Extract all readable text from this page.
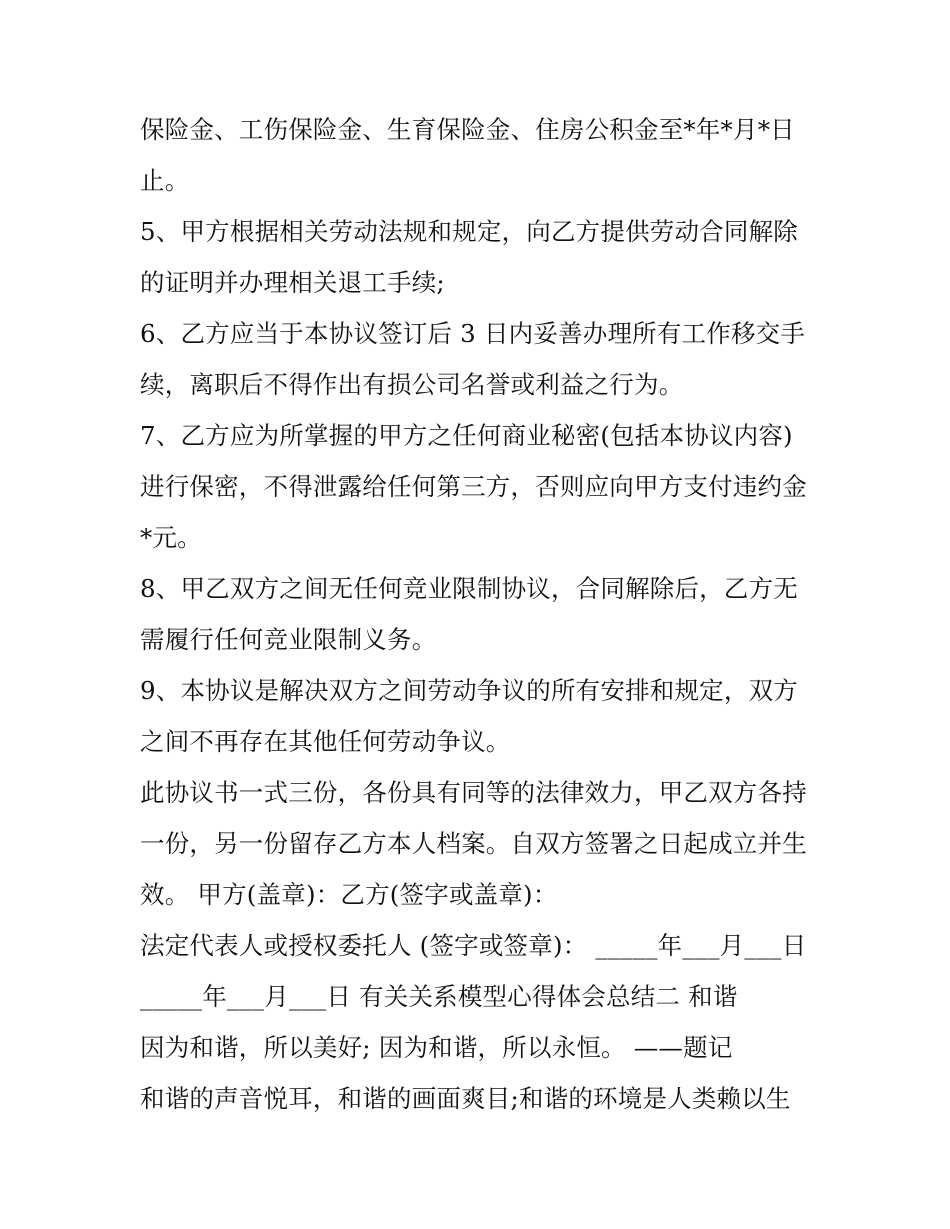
保险金、工伤保险金、生育保险金、住房公积金至*年*月*日
止。
5、甲方根据相关劳动法规和规定，向乙方提供劳动合同解除
的证明并办理相关退工手续;
6、乙方应当于本协议签订后 3 日内妥善办理所有工作移交手
续，离职后不得作出有损公司名誉或利益之行为。
7、乙方应为所掌握的甲方之任何商业秘密(包括本协议内容)
进行保密，不得泄露给任何第三方，否则应向甲方支付违约金
*元。
8、甲乙双方之间无任何竞业限制协议，合同解除后，乙方无
需履行任何竞业限制义务。
9、本协议是解决双方之间劳动争议的所有安排和规定，双方
之间不再存在其他任何劳动争议。
此协议书一式三份，各份具有同等的法律效力，甲乙双方各持
一份，另一份留存乙方本人档案。自双方签署之日起成立并生
效。 甲方(盖章)：乙方(签字或盖章)：
法定代表人或授权委托人 (签字或签章)： _____年___月___日
_____年___月___日 有关关系模型心得体会总结二 和谐
因为和谐，所以美好; 因为和谐，所以永恒。 ——题记
和谐的声音悦耳，和谐的画面爽目;和谐的环境是人类赖以生
